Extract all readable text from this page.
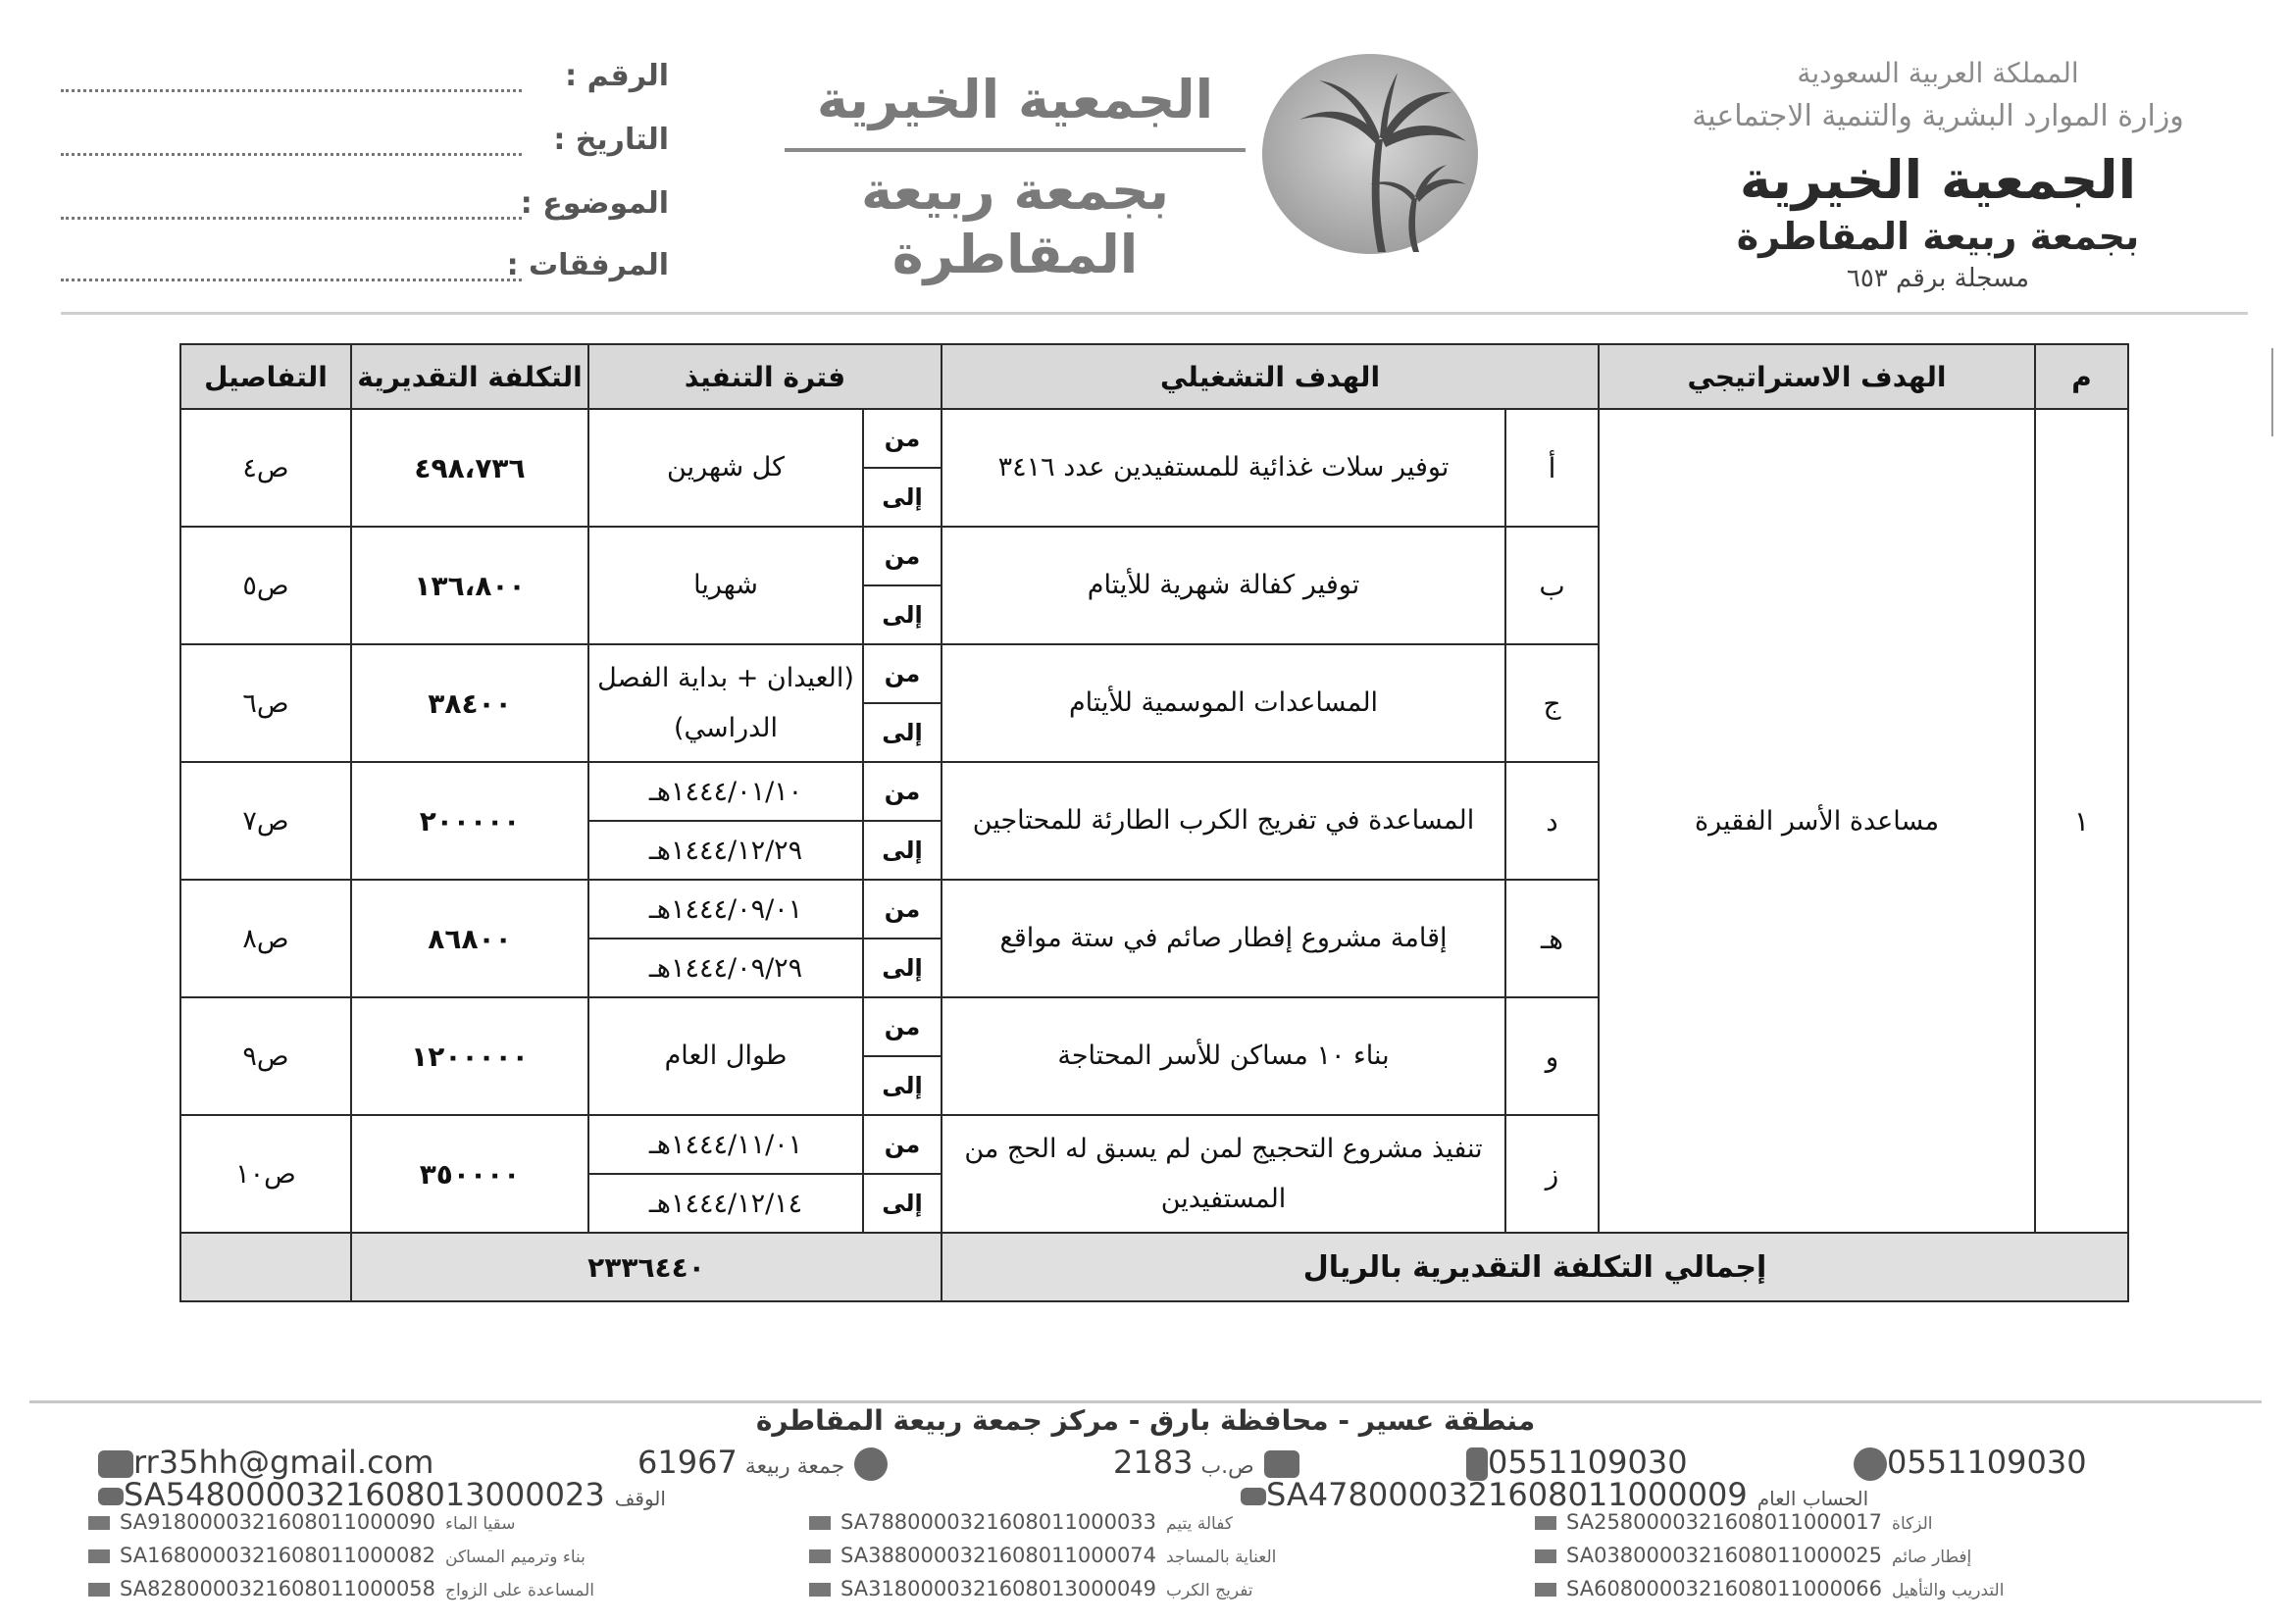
المملكة العربية السعودية
وزارة الموارد البشرية والتنمية الاجتماعية
الجمعية الخيرية
بجمعة ربيعة المقاطرة
مسجلة برقم ٦٥٣
الجمعية الخيرية
بجمعة ربيعة
المقاطرة
الرقم :
التاريخ :
الموضوع :
المرفقات :
م	الهدف الاستراتيجي	الهدف التشغيلي		فترة التنفيذ		التكلفة التقديرية	التفاصيل
١	مساعدة الأسر الفقيرة	أ	توفير سلات غذائية للمستفيدين عدد ٣٤١٦	من	كل شهرين	٤٩٨،٧٣٦	ص٤
				إلى			
		ب	توفير كفالة شهرية للأيتام	من	شهريا	١٣٦،٨٠٠	ص٥
				إلى			
		ج	المساعدات الموسمية للأيتام	من	(العيدان + بداية الفصل الدراسي)	٣٨٤٠٠	ص٦
				إلى			
		د	المساعدة في تفريج الكرب الطارئة للمحتاجين	من	١٤٤٤/٠١/١٠هـ	٢٠٠٠٠٠	ص٧
				إلى	١٤٤٤/١٢/٢٩هـ		
		هـ	إقامة مشروع إفطار صائم في ستة مواقع	من	١٤٤٤/٠٩/٠١هـ	٨٦٨٠٠	ص٨
				إلى	١٤٤٤/٠٩/٢٩هـ		
		و	بناء ١٠ مساكن للأسر المحتاجة	من	طوال العام	١٢٠٠٠٠٠	ص٩
				إلى			
		ز	تنفيذ مشروع التحجيج لمن لم يسبق له الحج من المستفيدين	من	١٤٤٤/١١/٠١هـ	٣٥٠٠٠٠	ص١٠
				إلى	١٤٤٤/١٢/١٤هـ		
إجمالي التكلفة التقديرية بالريال				٢٣٣٦٤٤٠			
منطقة عسير - محافظة بارق - مركز جمعة ربيعة المقاطرة
rr35hh@gmail.com	61967 جمعة ربيعة	2183 ص.ب	0551109030	0551109030
SA5480000321608013000023 الوقف	SA4780000321608011000009 الحساب العام
SA9180000321608011000090 سقيا الماء	SA7880000321608011000033 كفالة يتيم	SA2580000321608011000017 الزكاة
SA1680000321608011000082 بناء وترميم المساكن	SA3880000321608011000074 العناية بالمساجد	SA0380000321608011000025 إفطار صائم
SA8280000321608011000058 المساعدة على الزواج	SA3180000321608013000049 تفريج الكرب	SA6080000321608011000066 التدريب والتأهيل
